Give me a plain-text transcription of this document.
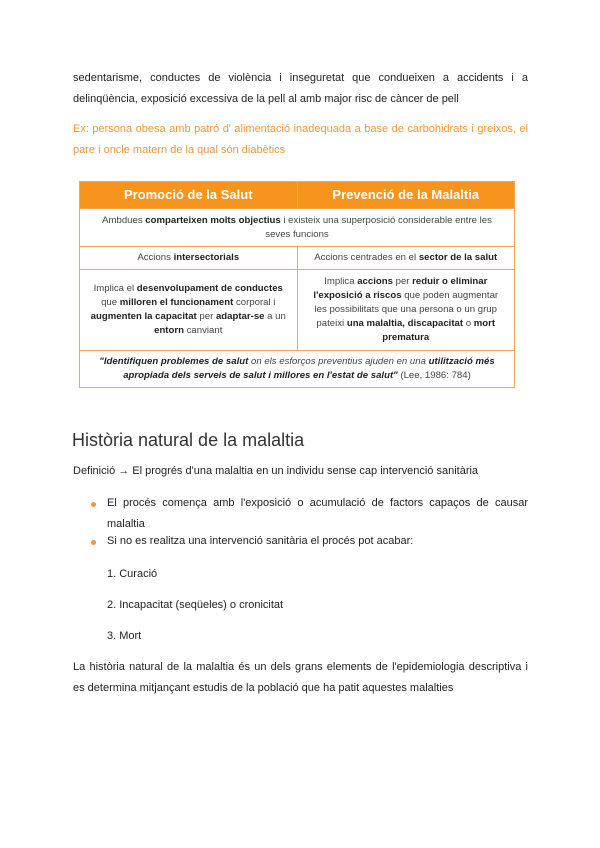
sedentarisme, conductes de violència i inseguretat que condueixen a accidents i a
delinqüència, exposició excessiva de la pell al amb major risc de càncer de pell
Ex: persona obesa amb patró d' alimentació inadequada a base de carbohidrats i greixos, el
pare i oncle matern de la qual són diabètics
Promoció de la Salut	Prevenció de la Malaltia
Ambdues comparteixen molts objectius i existeix una superposició considerable entre les seves funcions	
Accions intersectorials	Accions centrades en el sector de la salut
Implica el desenvolupament de conductes que milloren el funcionament corporal i augmenten la capacitat per adaptar-se a un entorn canviant	Implica accions per reduir o eliminar l'exposició a riscos que poden augmentar les possibilitats que una persona o un grup pateixi una malaltia, discapacitat o mort prematura
"Identifiquen problemes de salut on els esforços preventius ajuden en una utilització més apropiada dels serveis de salut i millores en l'estat de salut" (Lee, 1986: 784)	
Història natural de la malaltia
Definició → El progrés d'una malaltia en un individu sense cap intervenció sanitària
El procés comença amb l'exposició o acumulació de factors capaços de causar
malaltia
Si no es realitza una intervenció sanitària el procés pot acabar:
1. Curació
2. Incapacitat (seqüeles) o cronicitat
3. Mort
La història natural de la malaltia és un dels grans elements de l'epidemiologia descriptiva i
es determina mitjançant estudis de la població que ha patit aquestes malalties
